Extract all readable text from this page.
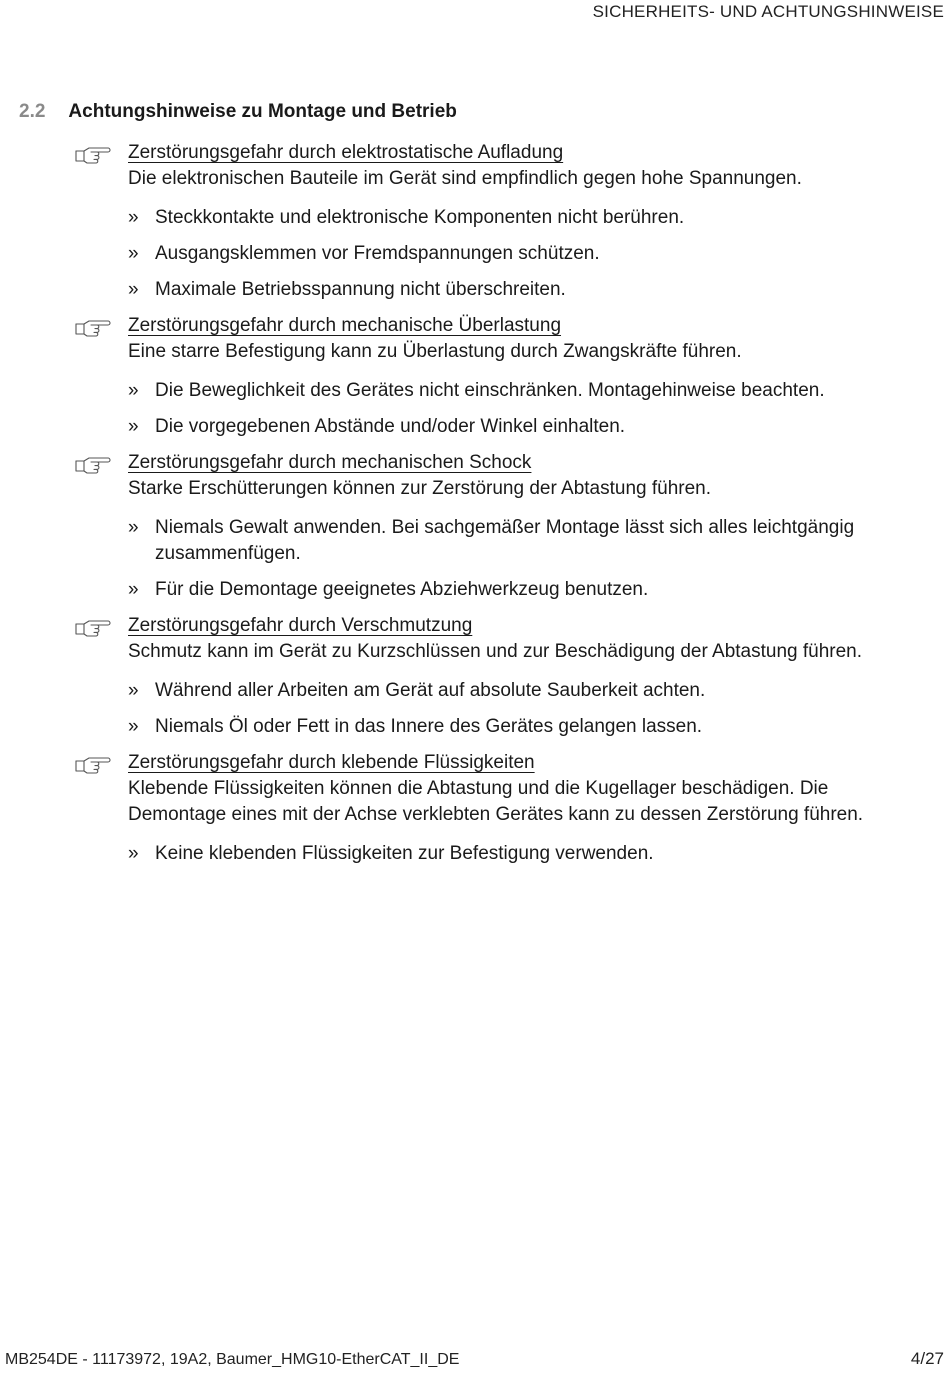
SICHERHEITS- UND ACHTUNGSHINWEISE
2.2 Achtungshinweise zu Montage und Betrieb
Zerstörungsgefahr durch elektrostatische Aufladung
Die elektronischen Bauteile im Gerät sind empfindlich gegen hohe Spannungen.
» Steckkontakte und elektronische Komponenten nicht berühren.
» Ausgangsklemmen vor Fremdspannungen schützen.
» Maximale Betriebsspannung nicht überschreiten.
Zerstörungsgefahr durch mechanische Überlastung
Eine starre Befestigung kann zu Überlastung durch Zwangskräfte führen.
» Die Beweglichkeit des Gerätes nicht einschränken. Montagehinweise beachten.
» Die vorgegebenen Abstände und/oder Winkel einhalten.
Zerstörungsgefahr durch mechanischen Schock
Starke Erschütterungen können zur Zerstörung der Abtastung führen.
» Niemals Gewalt anwenden. Bei sachgemäßer Montage lässt sich alles leichtgängig zusammenfügen.
» Für die Demontage geeignetes Abziehwerkzeug benutzen.
Zerstörungsgefahr durch Verschmutzung
Schmutz kann im Gerät zu Kurzschlüssen und zur Beschädigung der Abtastung führen.
» Während aller Arbeiten am Gerät auf absolute Sauberkeit achten.
» Niemals Öl oder Fett in das Innere des Gerätes gelangen lassen.
Zerstörungsgefahr durch klebende Flüssigkeiten
Klebende Flüssigkeiten können die Abtastung und die Kugellager beschädigen. Die Demontage eines mit der Achse verklebten Gerätes kann zu dessen Zerstörung führen.
» Keine klebenden Flüssigkeiten zur Befestigung verwenden.
MB254DE - 11173972, 19A2, Baumer_HMG10-EtherCAT_II_DE	4/27
